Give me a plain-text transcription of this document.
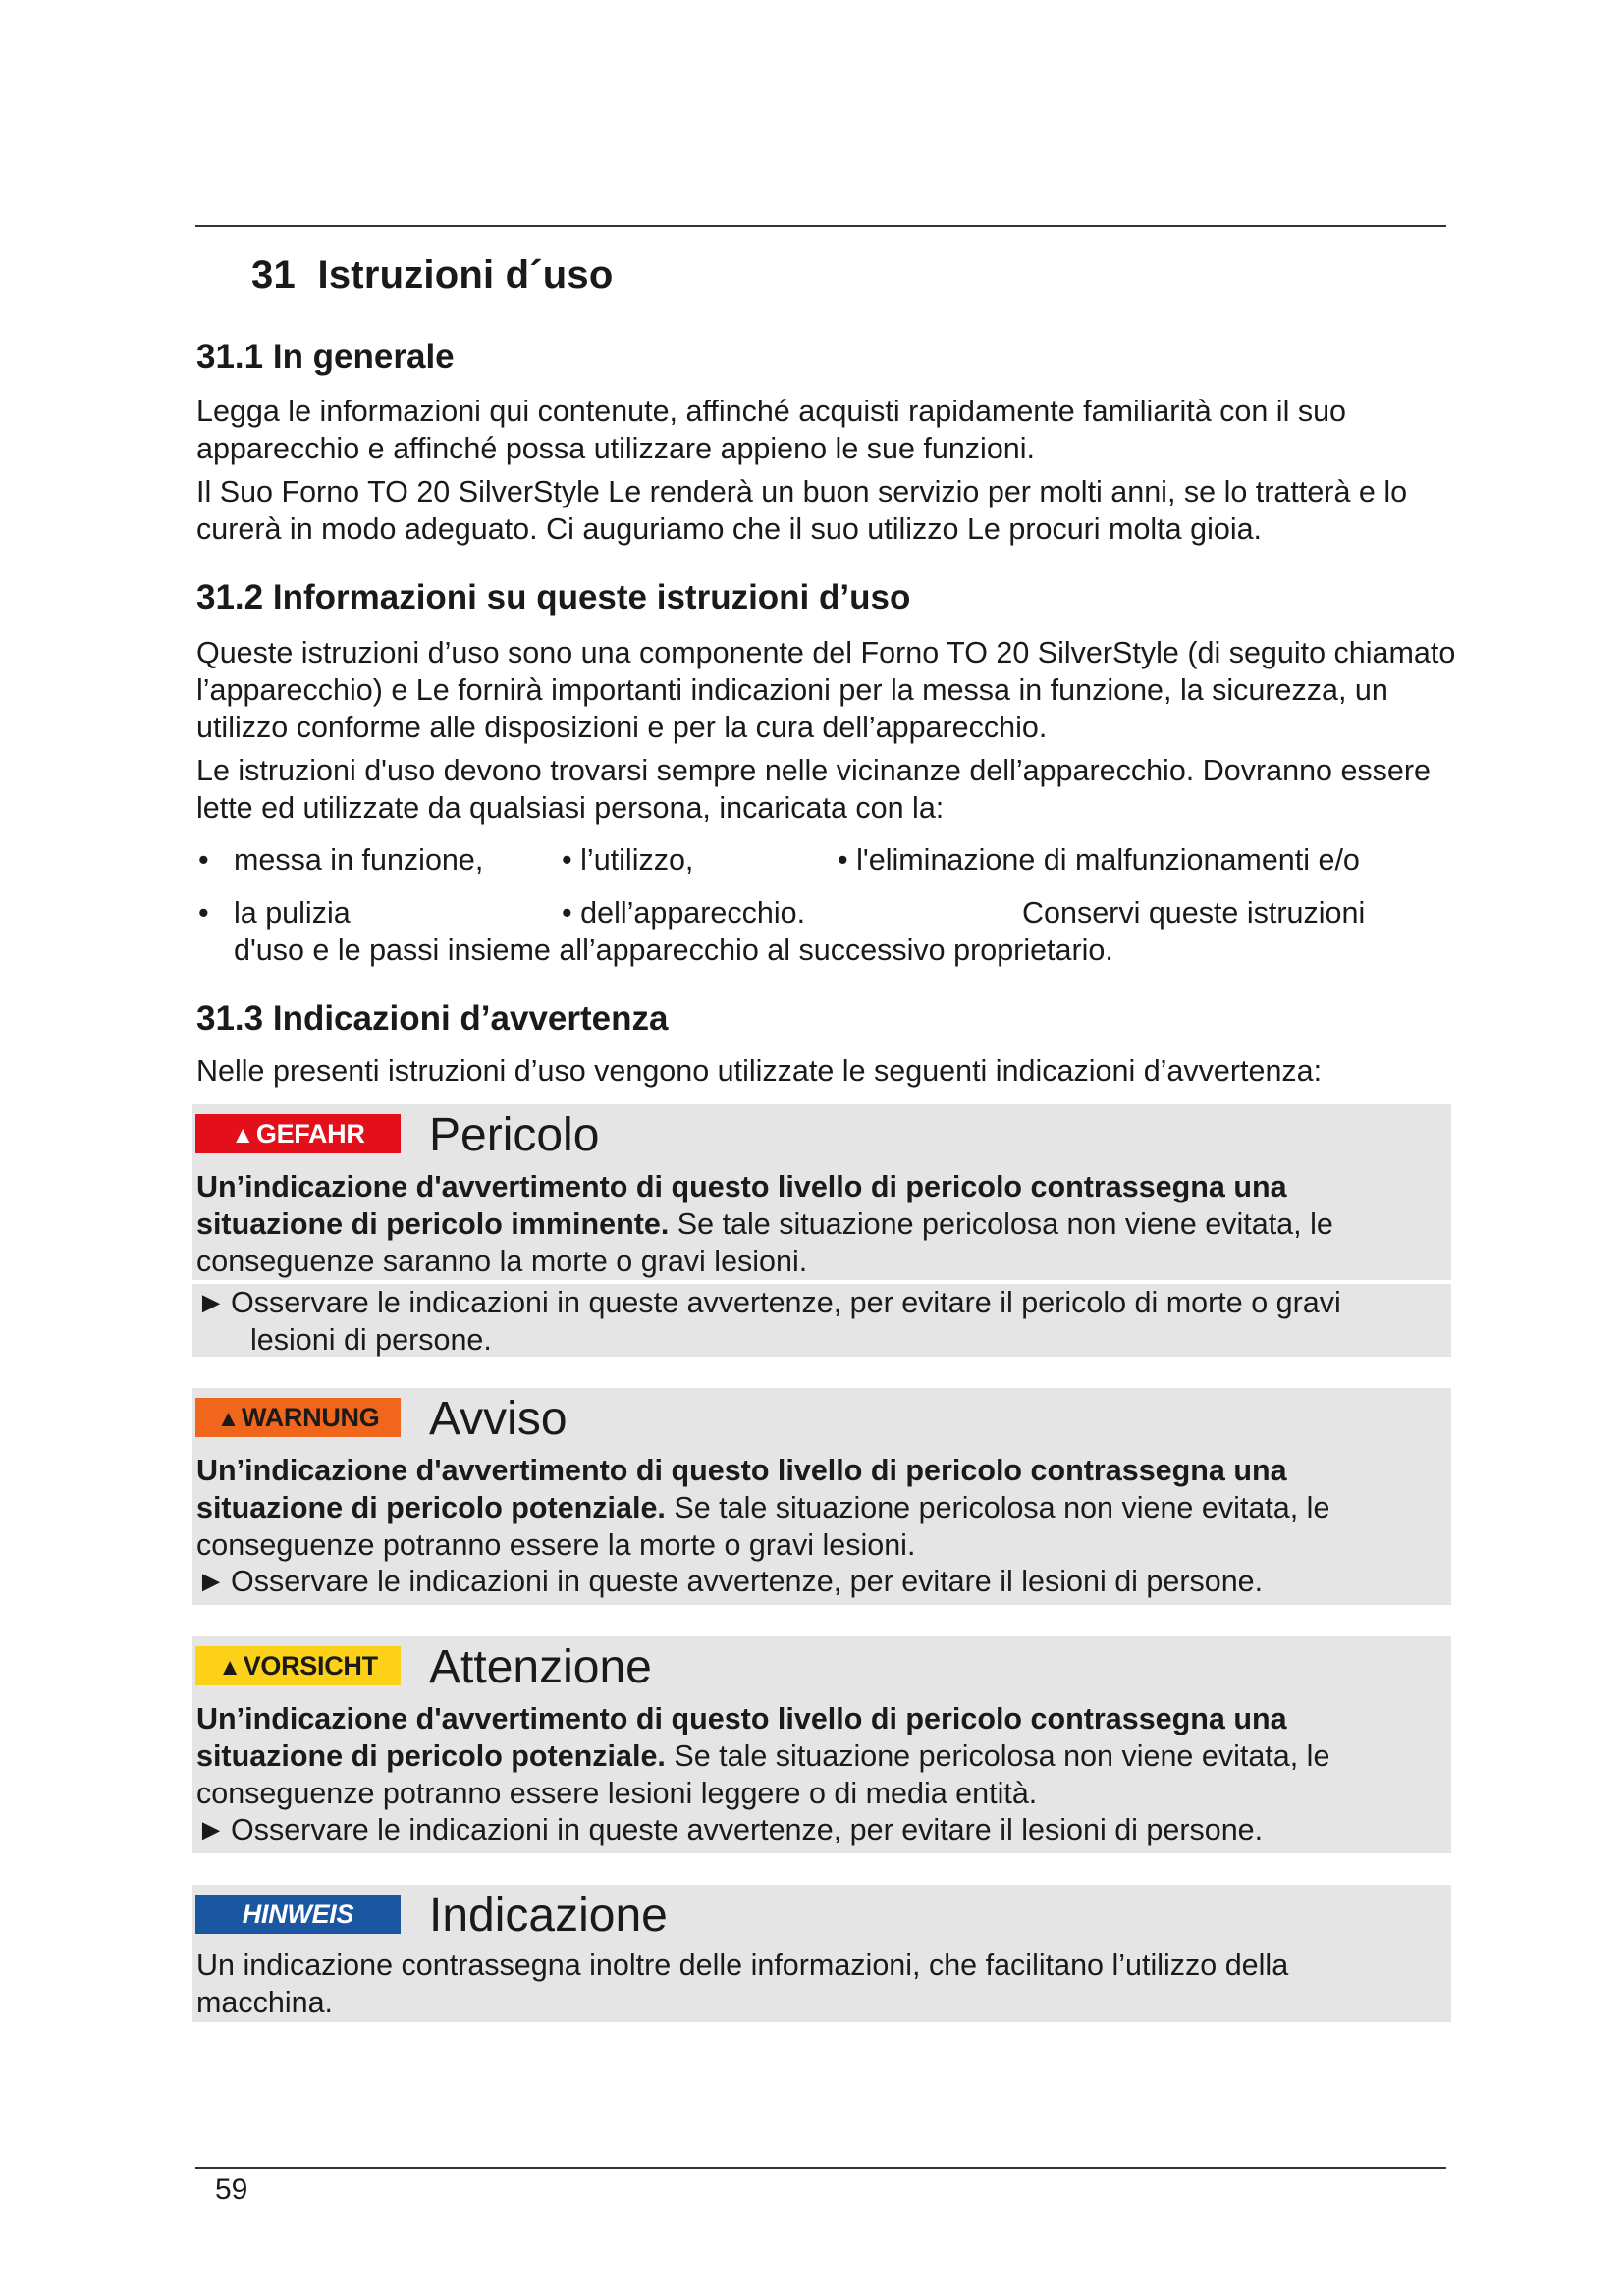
31 Istruzioni d´uso
31.1 In generale

Legga le informazioni qui contenute, affinché acquisti rapidamente familiarità con il suo apparecchio e affinché possa utilizzare appieno le sue funzioni.

Il Suo Forno TO 20 SilverStyle Le renderà un buon servizio per molti anni, se lo tratterà e lo curerà in modo adeguato. Ci auguriamo che il suo utilizzo Le procuri molta gioia.

31.2 Informazioni su queste istruzioni d’uso

Queste istruzioni d’uso sono una componente del Forno TO 20 SilverStyle (di seguito chiamato l’apparecchio) e Le fornirà importanti indicazioni per la messa in funzione, la sicurezza, un utilizzo conforme alle disposizioni e per la cura dell’apparecchio.

Le istruzioni d'uso devono trovarsi sempre nelle vicinanze dell’apparecchio. Dovranno essere lette ed utilizzate da qualsiasi persona, incaricata con la:

• messa in funzione,	• l’utilizzo,	• l'eliminazione di malfunzionamenti e/o
• la pulizia	• dell’apparecchio.	Conservi queste istruzioni
d'uso e le passi insieme all’apparecchio al successivo proprietario.
31.3 Indicazioni d’avvertenza

Nelle presenti istruzioni d’uso vengono utilizzate le seguenti indicazioni d’avvertenza:

▲GEFAHR	Pericolo

Un’indicazione d'avvertimento di questo livello di pericolo contrassegna una situazione di pericolo imminente. Se tale situazione pericolosa non viene evitata, le conseguenze saranno la morte o gravi lesioni.

► Osservare le indicazioni in queste avvertenze, per evitare il pericolo di morte o gravi
lesioni di persone.

▲WARNUNG	Avviso

Un’indicazione d'avvertimento di questo livello di pericolo contrassegna una situazione di pericolo potenziale. Se tale situazione pericolosa non viene evitata, le conseguenze potranno essere la morte o gravi lesioni.

► Osservare le indicazioni in queste avvertenze, per evitare il lesioni di persone.

▲VORSICHT	Attenzione

Un’indicazione d'avvertimento di questo livello di pericolo contrassegna una situazione di pericolo potenziale. Se tale situazione pericolosa non viene evitata, le conseguenze potranno essere lesioni leggere o di media entità.

► Osservare le indicazioni in queste avvertenze, per evitare il lesioni di persone.

HINWEIS	Indicazione

Un indicazione contrassegna inoltre delle informazioni, che facilitano l’utilizzo della macchina.

59
